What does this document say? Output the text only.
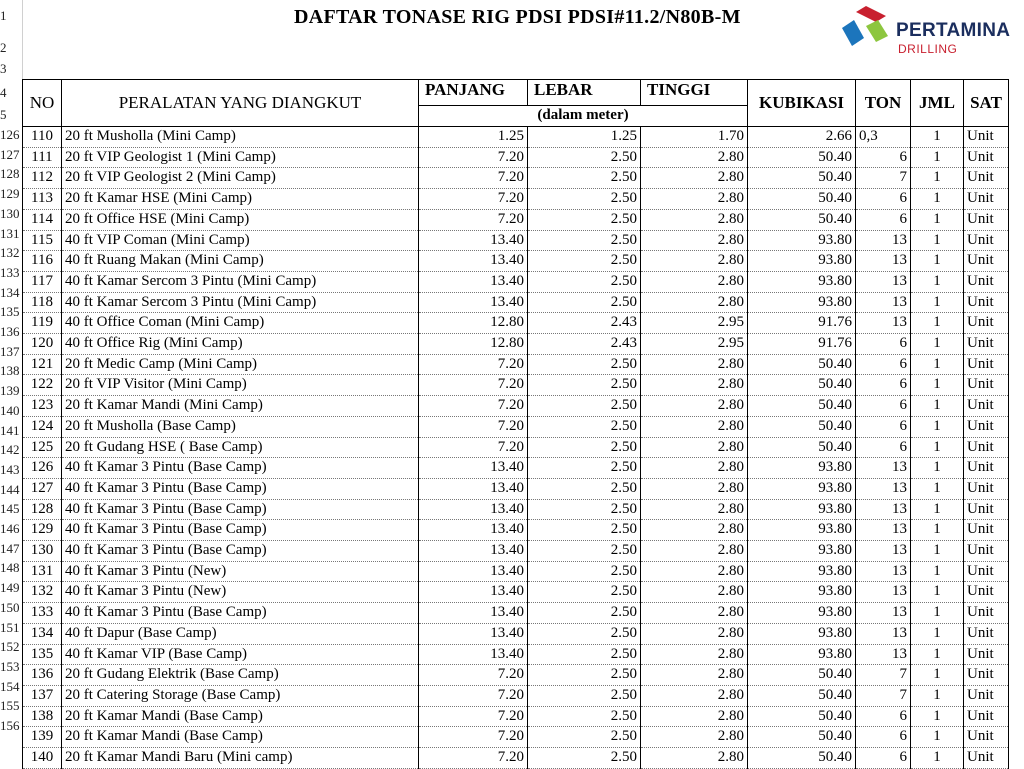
1
2
3
4
5
DAFTAR TONASE RIG PDSI PDSI#11.2/N80B-M
PERTAMINA
DRILLING
NO	PERALATAN YANG DIANGKUT	PANJANG	LEBAR	TINGGI	KUBIKASI	TON	JML	SAT
		(dalam meter)						
110	20 ft Musholla (Mini Camp)	1.25	1.25	1.70	2.66	0,3	1	Unit
111	20 ft VIP Geologist 1 (Mini Camp)	7.20	2.50	2.80	50.40	6	1	Unit
112	20 ft VIP Geologist 2 (Mini Camp)	7.20	2.50	2.80	50.40	7	1	Unit
113	20 ft Kamar HSE (Mini Camp)	7.20	2.50	2.80	50.40	6	1	Unit
114	20 ft Office HSE (Mini Camp)	7.20	2.50	2.80	50.40	6	1	Unit
115	40 ft VIP Coman (Mini Camp)	13.40	2.50	2.80	93.80	13	1	Unit
116	40 ft Ruang Makan (Mini Camp)	13.40	2.50	2.80	93.80	13	1	Unit
117	40 ft Kamar Sercom 3 Pintu (Mini Camp)	13.40	2.50	2.80	93.80	13	1	Unit
118	40 ft Kamar Sercom 3 Pintu (Mini Camp)	13.40	2.50	2.80	93.80	13	1	Unit
119	40 ft Office Coman (Mini Camp)	12.80	2.43	2.95	91.76	13	1	Unit
120	40 ft Office Rig (Mini Camp)	12.80	2.43	2.95	91.76	6	1	Unit
121	20 ft Medic Camp (Mini Camp)	7.20	2.50	2.80	50.40	6	1	Unit
122	20 ft VIP Visitor (Mini Camp)	7.20	2.50	2.80	50.40	6	1	Unit
123	20 ft Kamar Mandi (Mini Camp)	7.20	2.50	2.80	50.40	6	1	Unit
124	20 ft Musholla (Base Camp)	7.20	2.50	2.80	50.40	6	1	Unit
125	20 ft Gudang HSE ( Base Camp)	7.20	2.50	2.80	50.40	6	1	Unit
126	40 ft Kamar 3 Pintu (Base Camp)	13.40	2.50	2.80	93.80	13	1	Unit
127	40 ft Kamar 3 Pintu (Base Camp)	13.40	2.50	2.80	93.80	13	1	Unit
128	40 ft Kamar 3 Pintu (Base Camp)	13.40	2.50	2.80	93.80	13	1	Unit
129	40 ft Kamar 3 Pintu (Base Camp)	13.40	2.50	2.80	93.80	13	1	Unit
130	40 ft Kamar 3 Pintu (Base Camp)	13.40	2.50	2.80	93.80	13	1	Unit
131	40 ft Kamar 3 Pintu (New)	13.40	2.50	2.80	93.80	13	1	Unit
132	40 ft Kamar 3 Pintu (New)	13.40	2.50	2.80	93.80	13	1	Unit
133	40 ft Kamar 3 Pintu (Base Camp)	13.40	2.50	2.80	93.80	13	1	Unit
134	40 ft Dapur (Base Camp)	13.40	2.50	2.80	93.80	13	1	Unit
135	40 ft Kamar VIP (Base Camp)	13.40	2.50	2.80	93.80	13	1	Unit
136	20 ft Gudang Elektrik (Base Camp)	7.20	2.50	2.80	50.40	7	1	Unit
137	20 ft Catering Storage (Base Camp)	7.20	2.50	2.80	50.40	7	1	Unit
138	20 ft Kamar Mandi (Base Camp)	7.20	2.50	2.80	50.40	6	1	Unit
139	20 ft Kamar Mandi (Base Camp)	7.20	2.50	2.80	50.40	6	1	Unit
140	20 ft Kamar Mandi Baru (Mini camp)	7.20	2.50	2.80	50.40	6	1	Unit
126
127
128
129
130
131
132
133
134
135
136
137
138
139
140
141
142
143
144
145
146
147
148
149
150
151
152
153
154
155
156
